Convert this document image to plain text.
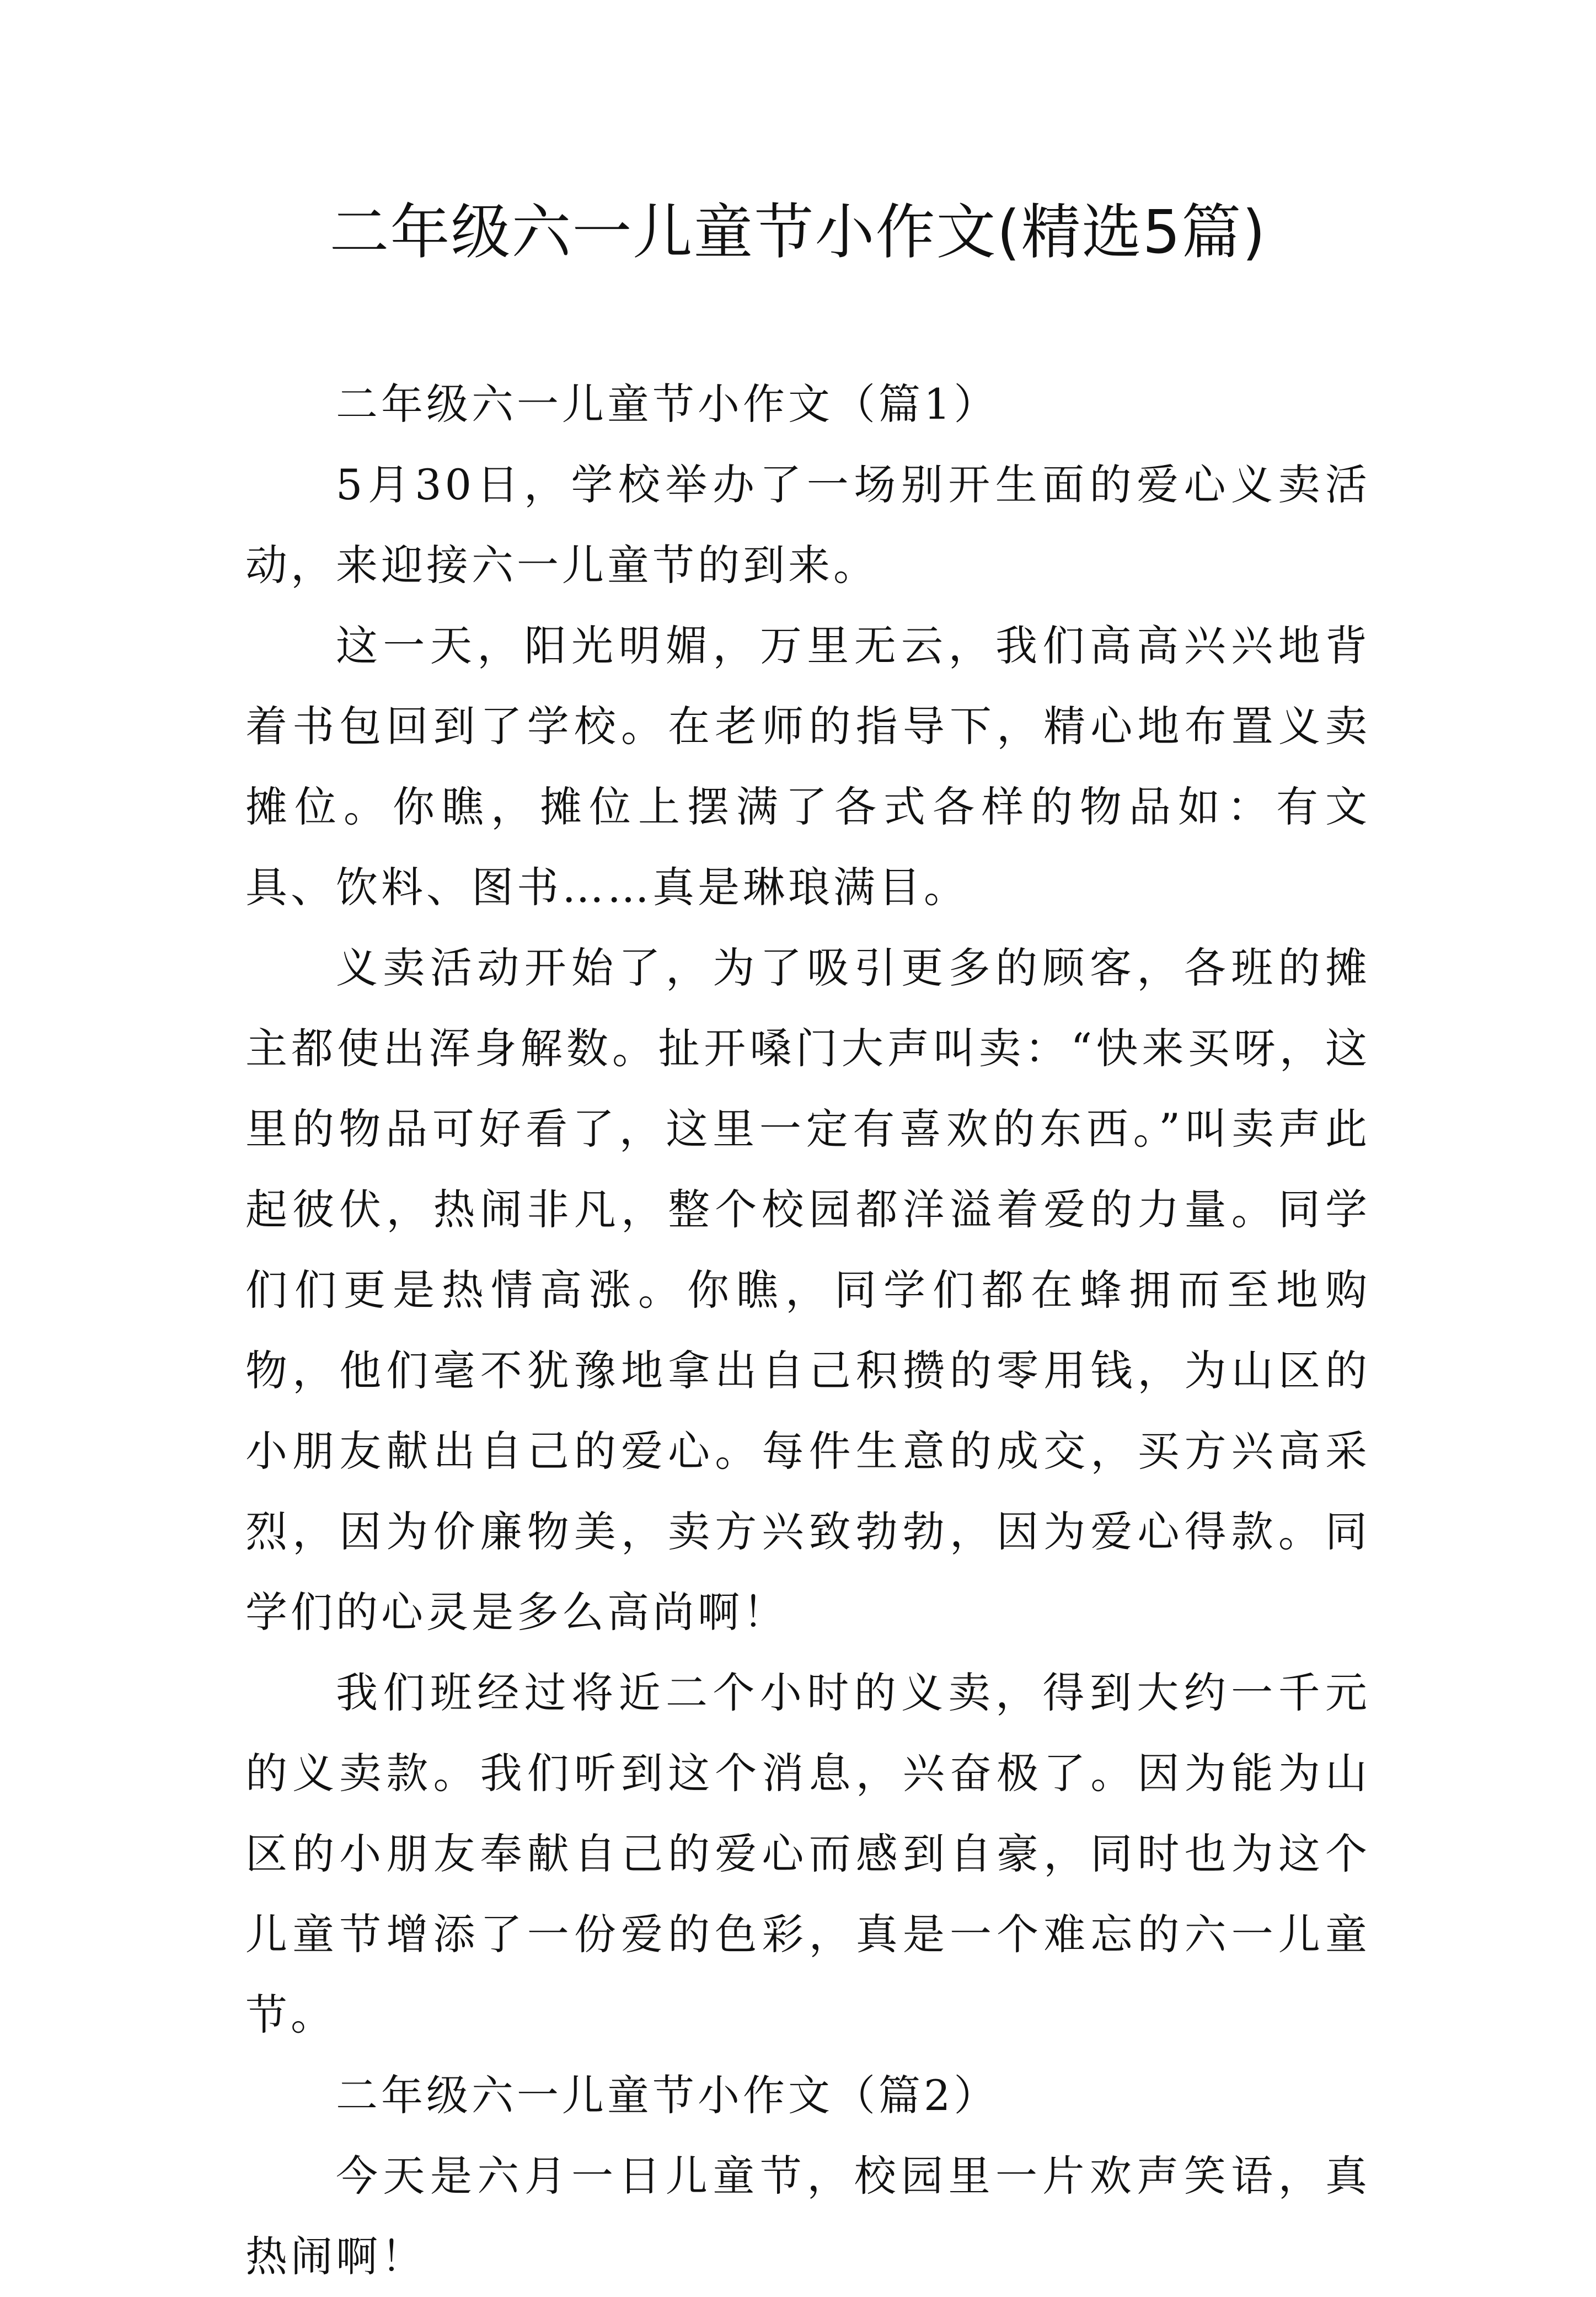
二年级六一儿童节小作文(精选5篇)

二年级六一儿童节小作文（篇1）

5月30日，学校举办了一场别开生面的爱心义卖活动，来迎接六一儿童节的到来。

这一天，阳光明媚，万里无云，我们高高兴兴地背着书包回到了学校。在老师的指导下，精心地布置义卖摊位。你瞧，摊位上摆满了各式各样的物品如：有文具、饮料、图书……真是琳琅满目。

义卖活动开始了，为了吸引更多的顾客，各班的摊主都使出浑身解数。扯开嗓门大声叫卖：“快来买呀，这里的物品可好看了，这里一定有喜欢的东西。”叫卖声此起彼伏，热闹非凡，整个校园都洋溢着爱的力量。同学们们更是热情高涨。你瞧，同学们都在蜂拥而至地购物，他们毫不犹豫地拿出自己积攒的零用钱，为山区的小朋友献出自己的爱心。每件生意的成交，买方兴高采烈，因为价廉物美，卖方兴致勃勃，因为爱心得款。同学们的心灵是多么高尚啊！

我们班经过将近二个小时的义卖，得到大约一千元的义卖款。我们听到这个消息，兴奋极了。因为能为山区的小朋友奉献自己的爱心而感到自豪，同时也为这个儿童节增添了一份爱的色彩，真是一个难忘的六一儿童节。

二年级六一儿童节小作文（篇2）

今天是六月一日儿童节，校园里一片欢声笑语，真热闹啊！
